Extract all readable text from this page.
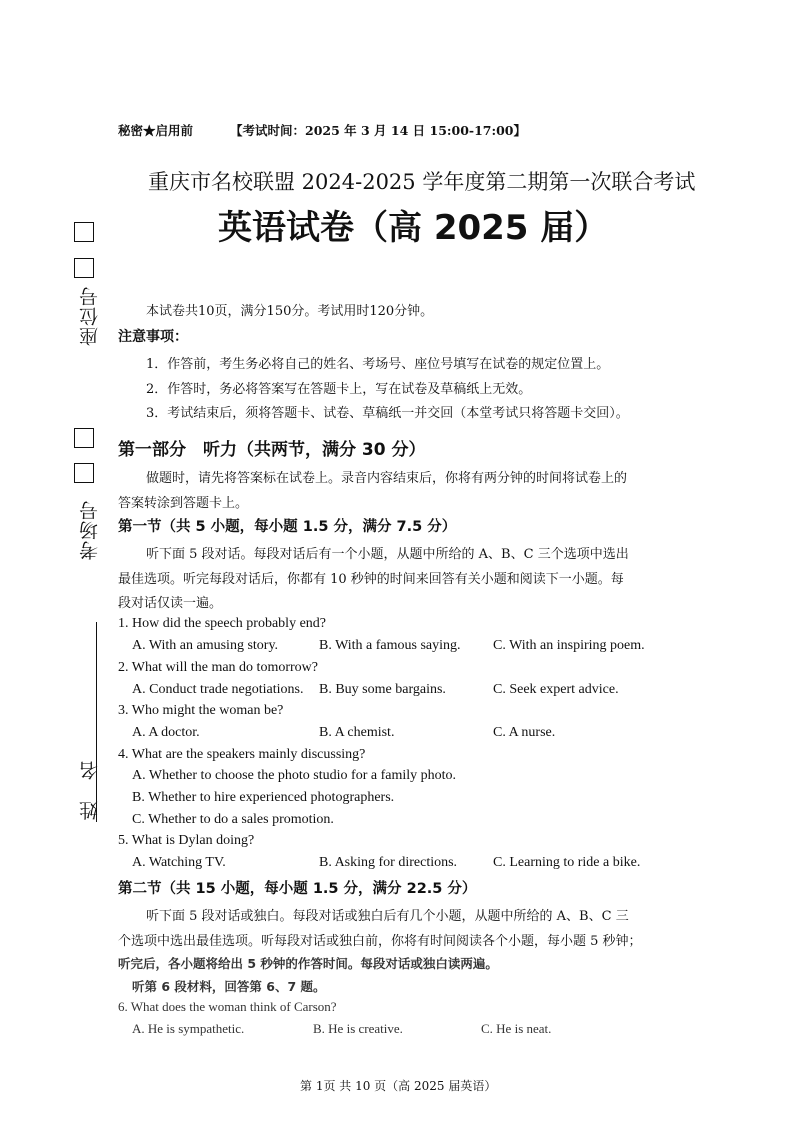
秘密★启用前	【考试时间：2025 年 3 月 14 日 15:00-17:00】
重庆市名校联盟 2024-2025 学年度第二期第一次联合考试
英语试卷（高 2025 届）
座位号
考场号
姓　名
本试卷共10页，满分150分。考试用时120分钟。
注意事项：
1．作答前，考生务必将自己的姓名、考场号、座位号填写在试卷的规定位置上。
2．作答时，务必将答案写在答题卡上，写在试卷及草稿纸上无效。
3．考试结束后，须将答题卡、试卷、草稿纸一并交回（本堂考试只将答题卡交回）。
第一部分　听力（共两节，满分 30 分）
做题时，请先将答案标在试卷上。录音内容结束后，你将有两分钟的时间将试卷上的
答案转涂到答题卡上。
第一节（共 5 小题，每小题 1.5 分，满分 7.5 分）
听下面 5 段对话。每段对话后有一个小题，从题中所给的 A、B、C 三个选项中选出
最佳选项。听完每段对话后，你都有 10 秒钟的时间来回答有关小题和阅读下一小题。每
段对话仅读一遍。
1. How did the speech probably end?
A. With an amusing story.	B. With a famous saying. C. With an inspiring poem.
2. What will the man do tomorrow?
A. Conduct trade negotiations. B. Buy some bargains.	C. Seek expert advice.
3. Who might the woman be?
A. A doctor.	B. A chemist.	C. A nurse.
4. What are the speakers mainly discussing?
A. Whether to choose the photo studio for a family photo.
B. Whether to hire experienced photographers.
C. Whether to do a sales promotion.
5. What is Dylan doing?
A. Watching TV.	B. Asking for directions.	C. Learning to ride a bike.
第二节（共 15 小题，每小题 1.5 分，满分 22.5 分）
听下面 5 段对话或独白。每段对话或独白后有几个小题，从题中所给的 A、B、C 三
个选项中选出最佳选项。听每段对话或独白前，你将有时间阅读各个小题，每小题 5 秒钟；
听完后，各小题将给出 5 秒钟的作答时间。每段对话或独白读两遍。
听第 6 段材料，回答第 6、7 题。
6. What does the woman think of Carson?
A. He is sympathetic.	B. He is creative.	C. He is neat.
第 1页 共 10 页（高 2025 届英语）
